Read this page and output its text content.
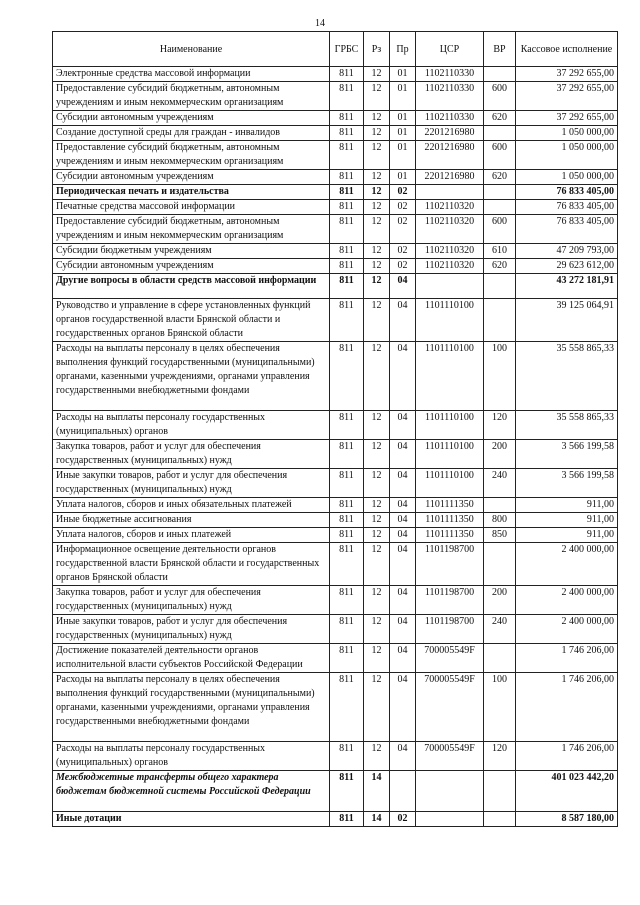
14
Наименование	ГРБС	Рз	Пр	ЦСР	ВР	Кассовое исполнение
Электронные средства массовой информации	811	12	01	1102110330		37 292 655,00
Предоставление субсидий бюджетным, автономным учреждениям и иным некоммерческим организациям	811	12	01	1102110330	600	37 292 655,00
Субсидии автономным учреждениям	811	12	01	1102110330	620	37 292 655,00
Создание доступной среды для граждан - инвалидов	811	12	01	2201216980		1 050 000,00
Предоставление субсидий бюджетным, автономным учреждениям и иным некоммерческим организациям	811	12	01	2201216980	600	1 050 000,00
Субсидии автономным учреждениям	811	12	01	2201216980	620	1 050 000,00
Периодическая печать и издательства	811	12	02			76 833 405,00
Печатные средства массовой информации	811	12	02	1102110320		76 833 405,00
Предоставление субсидий бюджетным, автономным учреждениям и иным некоммерческим организациям	811	12	02	1102110320	600	76 833 405,00
Субсидии бюджетным учреждениям	811	12	02	1102110320	610	47 209 793,00
Субсидии автономным учреждениям	811	12	02	1102110320	620	29 623 612,00
Другие вопросы в области средств массовой информации	811	12	04			43 272 181,91
Руководство и управление в сфере установленных функций органов государственной власти Брянской области и государственных органов Брянской области	811	12	04	1101110100		39 125 064,91
Расходы на выплаты персоналу в целях обеспечения выполнения функций государственными (муниципальными) органами, казенными учреждениями, органами управления государственными внебюджетными фондами	811	12	04	1101110100	100	35 558 865,33
Расходы на выплаты персоналу государственных (муниципальных) органов	811	12	04	1101110100	120	35 558 865,33
Закупка товаров, работ и услуг для обеспечения государственных (муниципальных) нужд	811	12	04	1101110100	200	3 566 199,58
Иные закупки товаров, работ и услуг для обеспечения государственных (муниципальных) нужд	811	12	04	1101110100	240	3 566 199,58
Уплата налогов, сборов и иных обязательных платежей	811	12	04	1101111350		911,00
Иные бюджетные ассигнования	811	12	04	1101111350	800	911,00
Уплата налогов, сборов и иных платежей	811	12	04	1101111350	850	911,00
Информационное освещение деятельности органов государственной власти Брянской области и государственных органов Брянской области	811	12	04	1101198700		2 400 000,00
Закупка товаров, работ и услуг для обеспечения государственных (муниципальных) нужд	811	12	04	1101198700	200	2 400 000,00
Иные закупки товаров, работ и услуг для обеспечения государственных (муниципальных) нужд	811	12	04	1101198700	240	2 400 000,00
Достижение показателей деятельности органов исполнительной власти субъектов Российской Федерации	811	12	04	700005549F		1 746 206,00
Расходы на выплаты персоналу в целях обеспечения выполнения функций государственными (муниципальными) органами, казенными учреждениями, органами управления государственными внебюджетными фондами	811	12	04	700005549F	100	1 746 206,00
Расходы на выплаты персоналу государственных (муниципальных) органов	811	12	04	700005549F	120	1 746 206,00
Межбюджетные трансферты общего характера бюджетам бюджетной системы Российской Федерации	811	14				401 023 442,20
Иные дотации	811	14	02			8 587 180,00
